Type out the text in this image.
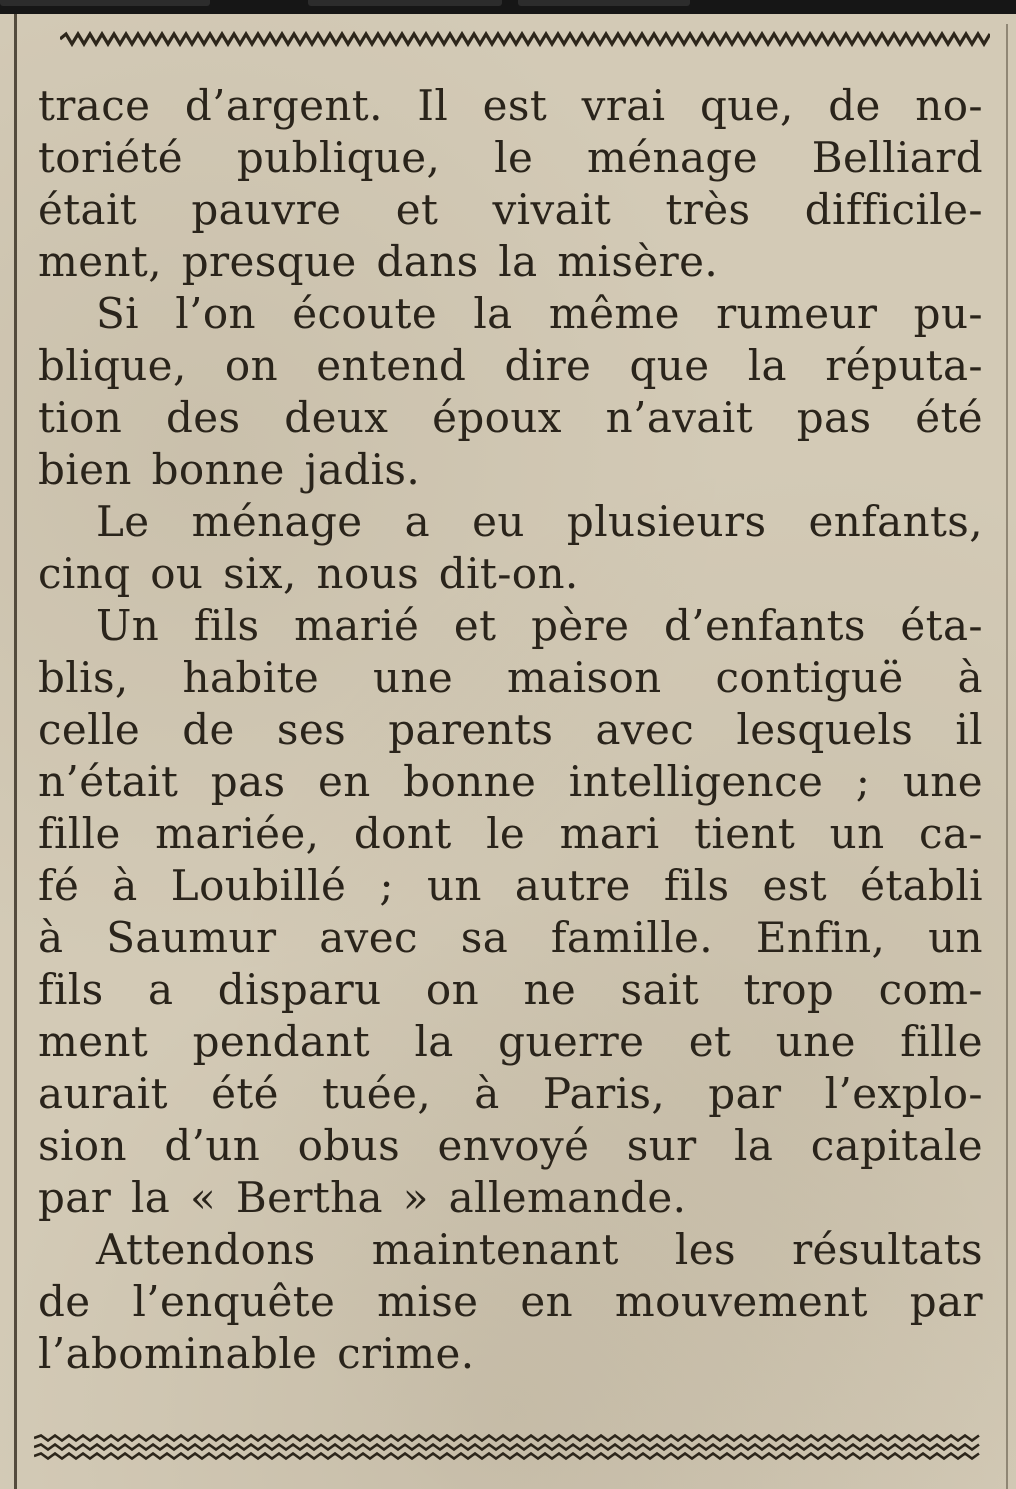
trace d’argent. Il est vrai que, de no-
toriété publique, le ménage Belliard
était pauvre et vivait très difficile-
ment, presque dans la misère.

Si l’on écoute la même rumeur pu-
blique, on entend dire que la réputa-
tion des deux époux n’avait pas été
bien bonne jadis.

Le ménage a eu plusieurs enfants,
cinq ou six, nous dit-on.

Un fils marié et père d’enfants éta-
blis, habite une maison contiguë à
celle de ses parents avec lesquels il
n’était pas en bonne intelligence ; une
fille mariée, dont le mari tient un ca-
fé à Loubillé ; un autre fils est établi
à Saumur avec sa famille. Enfin, un
fils a disparu on ne sait trop com-
ment pendant la guerre et une fille
aurait été tuée, à Paris, par l’explo-
sion d’un obus envoyé sur la capitale
par la « Bertha » allemande.

Attendons maintenant les résultats
de l’enquête mise en mouvement par
l’abominable crime.
